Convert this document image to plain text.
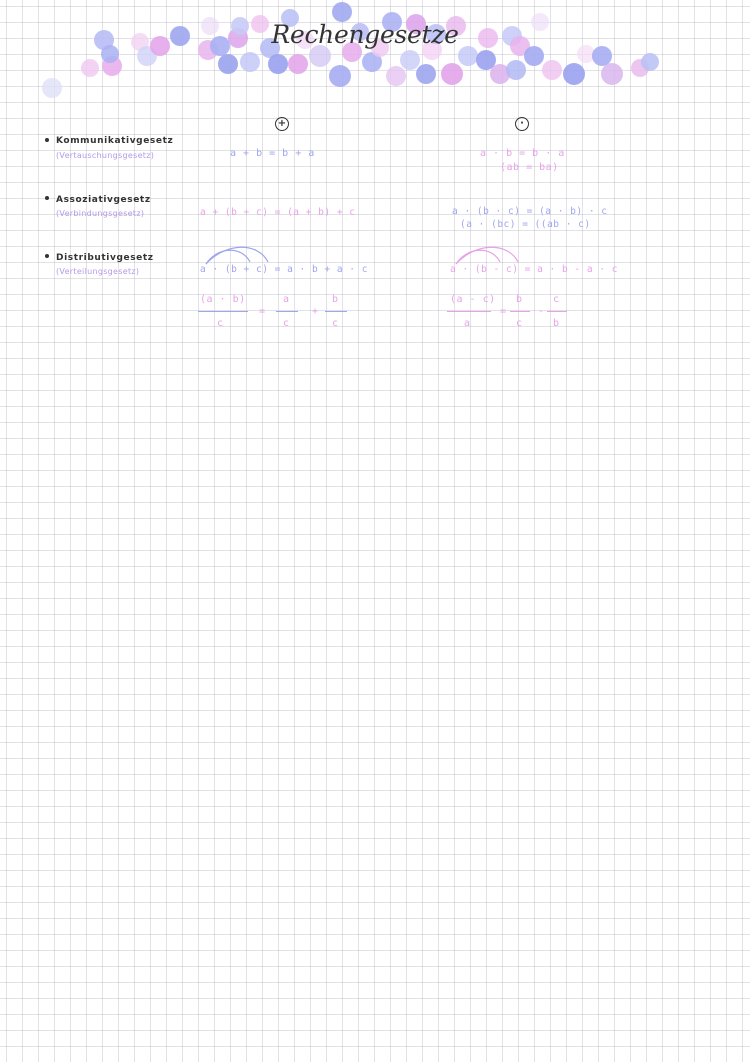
Rechengesetze
+	·
Kommunikativgesetz
(Vertauschungsgesetz)
Assoziativgesetz
(Verbindungsgesetz)
Distributivgesetz
(Verteilungsgesetz)
a + b = b + a
a + (b + c) = (a + b) + c
a · (b + c) = a · b + a · c
(a · b)
c
=
a
c
+
b
c
a · b = b · a
(ab = ba)
a · (b · c) = (a · b) · c
(a · (bc) = ((ab · c)
a · (b - c) = a · b - a · c
(a - c)
a
=
b
c
-
c
b
